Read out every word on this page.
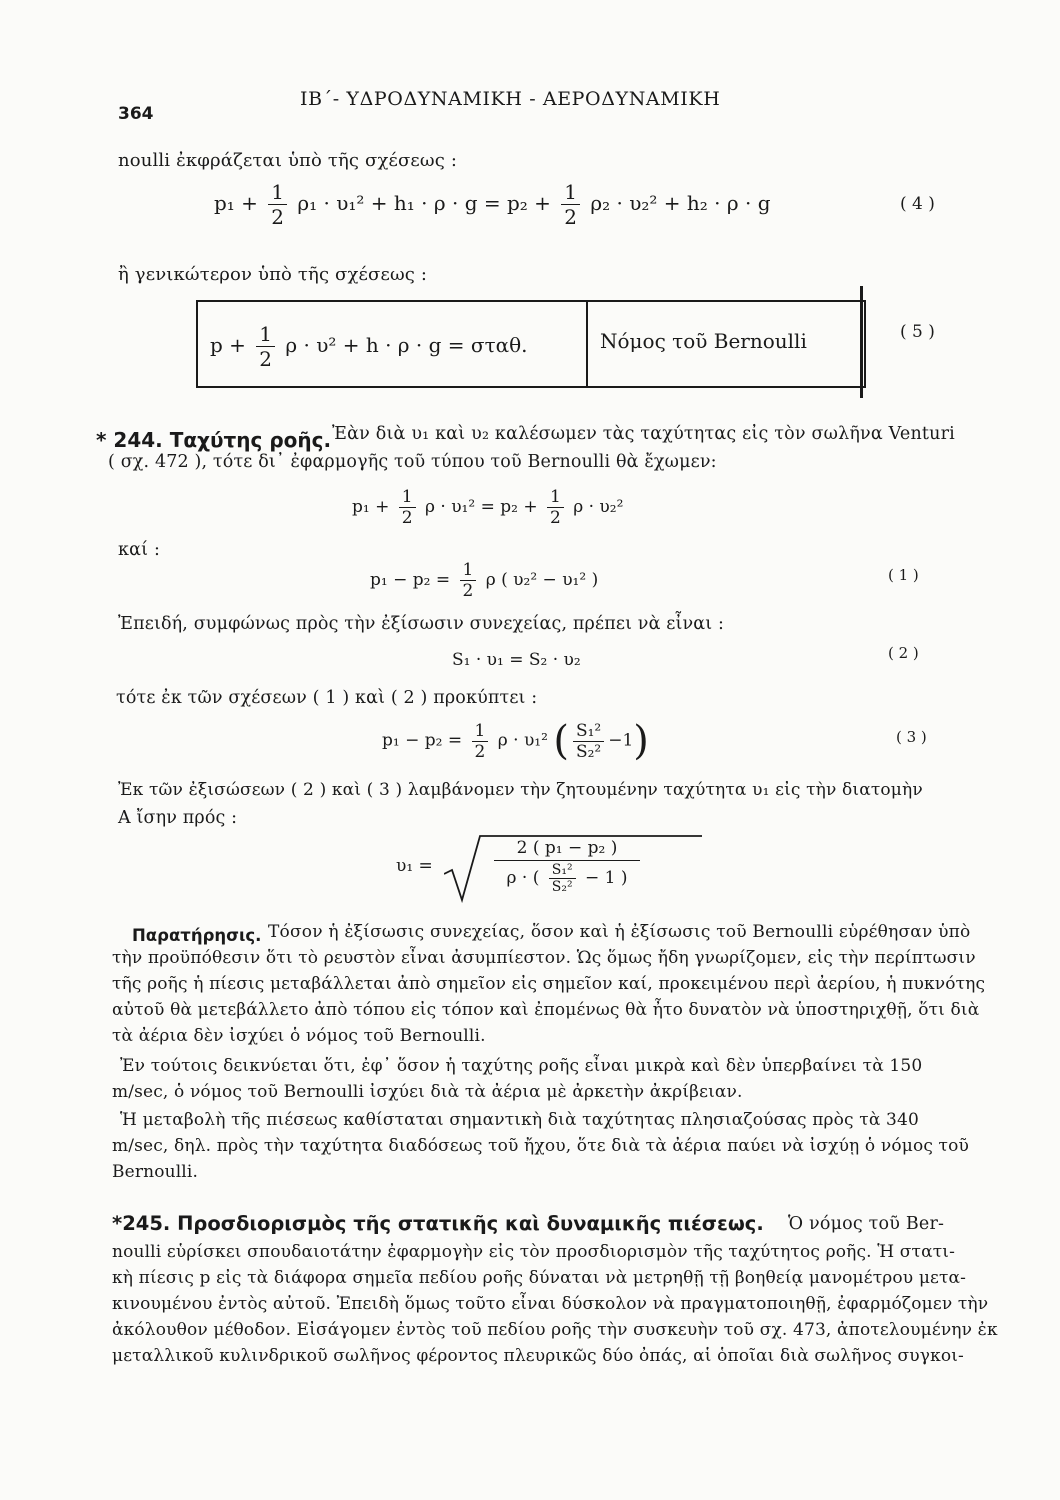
364
ΙΒ΄- ΥΔΡΟΔΥΝΑΜΙΚΗ - ΑΕΡΟΔΥΝΑΜΙΚΗ
noulli ἐκφράζεται ὑπὸ τῆς σχέσεως :
$p_1 + \frac{1}{2} \rho_1 \cdot \upsilon_1^2 + h_1 \cdot \rho \cdot g = p_2 + \frac{1}{2} \rho_2 \cdot \upsilon_2^2 + h_2 \cdot \rho \cdot g$	( 4 )
ἢ γενικώτερον ὑπὸ τῆς σχέσεως :
$p + \frac{1}{2}$ ρ · υ² + h · ρ · g = σταθ.	Νόμος τοῦ Bernoulli	( 5 )
* 244. Ταχύτης ροῆς. Ἐὰν διὰ υ₁ καὶ υ₂ καλέσωμεν τὰς ταχύτητας εἰς τὸν σωλῆνα Venturi
( σχ. 472 ), τότε δι᾿ ἐφαρμογῆς τοῦ τύπου τοῦ Bernoulli θὰ ἔχωμεν:
$p_1 + \frac{1}{2}$ $\rho \cdot \upsilon_1^2 = p_2 + \frac{1}{2}$ ρ · υ₂²
καί :
$p_1 - p_2 = \frac{1}{2}$ ρ ( υ₂² − υ₁² )	( 1 )
Ἐπειδή, συμφώνως πρὸς τὴν ἐξίσωσιν συνεχείας, πρέπει νὰ εἶναι :
S₁ · υ₁ = S₂ · υ₂	( 2 )
τότε ἐκ τῶν σχέσεων ( 1 ) καὶ ( 2 ) προκύπτει :
$p_1 - p_2 = \frac{1}{2}$ ρ · υ₁² ( $\frac{\text{S₁²}}{\text{S₂²}} -1$)	( 3 )
Ἐκ τῶν ἐξισώσεων ( 2 ) καὶ ( 3 ) λαμβάνομεν τὴν ζητουμένην ταχύτητα υ₁ εἰς τὴν διατομὴν
A ἴσην πρός :
υ₁ =	$\frac{\text{2 ( p₁ − p₂ )}}{\rho \cdot ( \frac{\text{S₁²}}{\text{S₂²}} - 1 )}$
Παρατήρησις. Τόσον ἡ ἐξίσωσις συνεχείας, ὅσον καὶ ἡ ἐξίσωσις τοῦ Bernoulli εὑρέθησαν ὑπὸ
τὴν προϋπόθεσιν ὅτι τὸ ρευστὸν εἶναι ἀσυμπίεστον. Ὡς ὅμως ἤδη γνωρίζομεν, εἰς τὴν περίπτωσιν
τῆς ροῆς ἡ πίεσις μεταβάλλεται ἀπὸ σημεῖον εἰς σημεῖον καί, προκειμένου περὶ ἀερίου, ἡ πυκνότης
αὐτοῦ θὰ μετεβάλλετο ἀπὸ τόπου εἰς τόπον καὶ ἐπομένως θὰ ἦτο δυνατὸν νὰ ὑποστηριχθῇ, ὅτι διὰ
τὰ ἀέρια δὲν ἰσχύει ὁ νόμος τοῦ Bernoulli.
Ἐν τούτοις δεικνύεται ὅτι, ἐφ᾿ ὅσον ἡ ταχύτης ροῆς εἶναι μικρὰ καὶ δὲν ὑπερβαίνει τὰ 150
m/sec, ὁ νόμος τοῦ Bernoulli ἰσχύει διὰ τὰ ἀέρια μὲ ἀρκετὴν ἀκρίβειαν.
Ἡ μεταβολὴ τῆς πιέσεως καθίσταται σημαντικὴ διὰ ταχύτητας πλησιαζούσας πρὸς τὰ 340
m/sec, δηλ. πρὸς τὴν ταχύτητα διαδόσεως τοῦ ἤχου, ὅτε διὰ τὰ ἀέρια παύει νὰ ἰσχύῃ ὁ νόμος τοῦ
Bernoulli.
*245. Προσδιορισμὸς τῆς στατικῆς καὶ δυναμικῆς πιέσεως. Ὁ νόμος τοῦ Ber-
noulli εὑρίσκει σπουδαιοτάτην ἐφαρμογὴν εἰς τὸν προσδιορισμὸν τῆς ταχύτητος ροῆς. Ἡ στατι-
κὴ πίεσις p εἰς τὰ διάφορα σημεῖα πεδίου ροῆς δύναται νὰ μετρηθῇ τῇ βοηθείᾳ μανομέτρου μετα-
κινουμένου ἐντὸς αὐτοῦ. Ἐπειδὴ ὅμως τοῦτο εἶναι δύσκολον νὰ πραγματοποιηθῇ, ἐφαρμόζομεν τὴν
ἀκόλουθον μέθοδον. Εἰσάγομεν ἐντὸς τοῦ πεδίου ροῆς τὴν συσκευὴν τοῦ σχ. 473, ἀποτελουμένην ἐκ
μεταλλικοῦ κυλινδρικοῦ σωλῆνος φέροντος πλευρικῶς δύο ὀπάς, αἱ ὁποῖαι διὰ σωλῆνος συγκοι-
